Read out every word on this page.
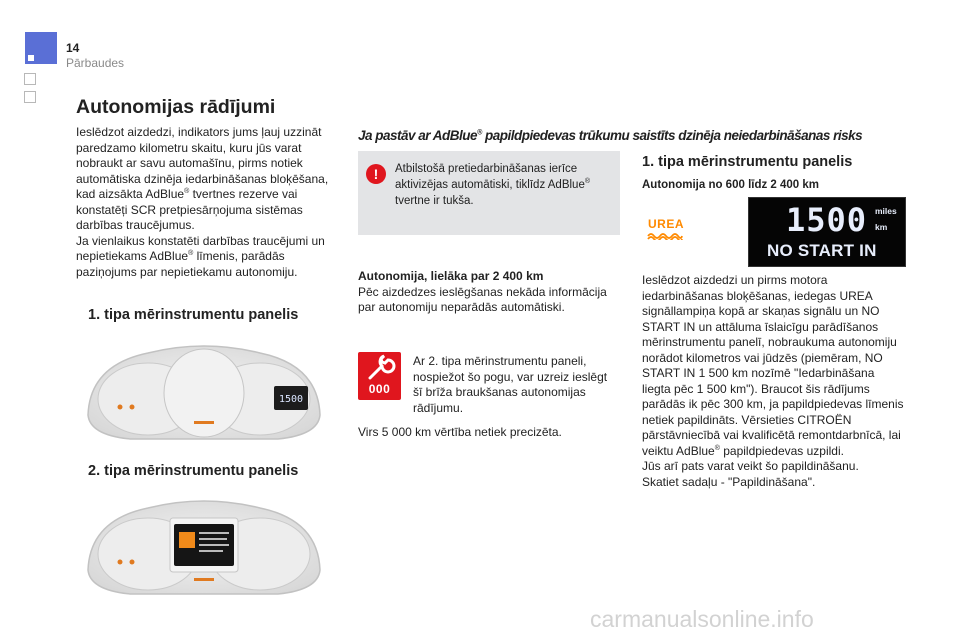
14
Pārbaudes
Autonomijas rādījumi

Ieslēdzot aizdedzi, indikators jums ļauj uzzināt paredzamo kilometru skaitu, kuru jūs varat nobraukt ar savu automašīnu, pirms notiek automātiska dzinēja iedarbināšanas bloķēšana, kad aizsākta AdBlue® tvertnes rezerve vai konstatēți SCR pretpiesārņojuma sistēmas darbības traucējumus.

Ja vienlaikus konstatēti darbības traucējumi un nepietiekams AdBlue® līmenis, parādās paziņojums par nepietiekamu autonomiju.

1. tipa mērinstrumentu panelis
1500
2. tipa mērinstrumentu panelis
Ja pastāv ar AdBlue® papildpiedevas trūkumu saistīts dzinēja neiedarbināšanas risks
!	Atbilstošā pretiedarbināšanas ierīce aktivizējas automātiski, tiklīdz AdBlue® tvertne ir tukša.

Autonomija, lielāka par 2 400 km

Pēc aizdedzes ieslēgšanas nekāda informācija par autonomiju neparādās automātiski.

000
Ar 2. tipa mērinstrumentu paneli, nospiežot šo pogu, var uzreiz ieslēgt šī brīža braukšanas autonomijas rādījumu.
Virs 5 000 km vērtība netiek precizēta.
1. tipa mērinstrumentu panelis
Autonomija no 600 līdz 2 400 km
UREA	1500 miles
km
NO START IN

Ieslēdzot aizdedzi un pirms motora iedarbināšanas bloķēšanas, iedegas UREA signāllampiņa kopā ar skaņas signālu un NO START IN un attāluma īslaicīgu parādīšanos mērinstrumentu panelī, nobraukuma autonomiju norādot kilometros vai jūdzēs (piemēram, NO START IN 1 500 km nozīmē "Iedarbināšana liegta pēc 1 500 km"). Braucot šis rādījums parādās ik pēc 300 km, ja papildpiedevas līmenis netiek papildināts. Vērsieties CITROËN pārstāvniecībā vai kvalificētā remontdarbnīcā, lai veiktu AdBlue® papildpiedevas uzpildi.

Jūs arī pats varat veikt šo papildināšanu.

Skatiet sadaļu - "Papildināšana".

carmanualsonline.info
